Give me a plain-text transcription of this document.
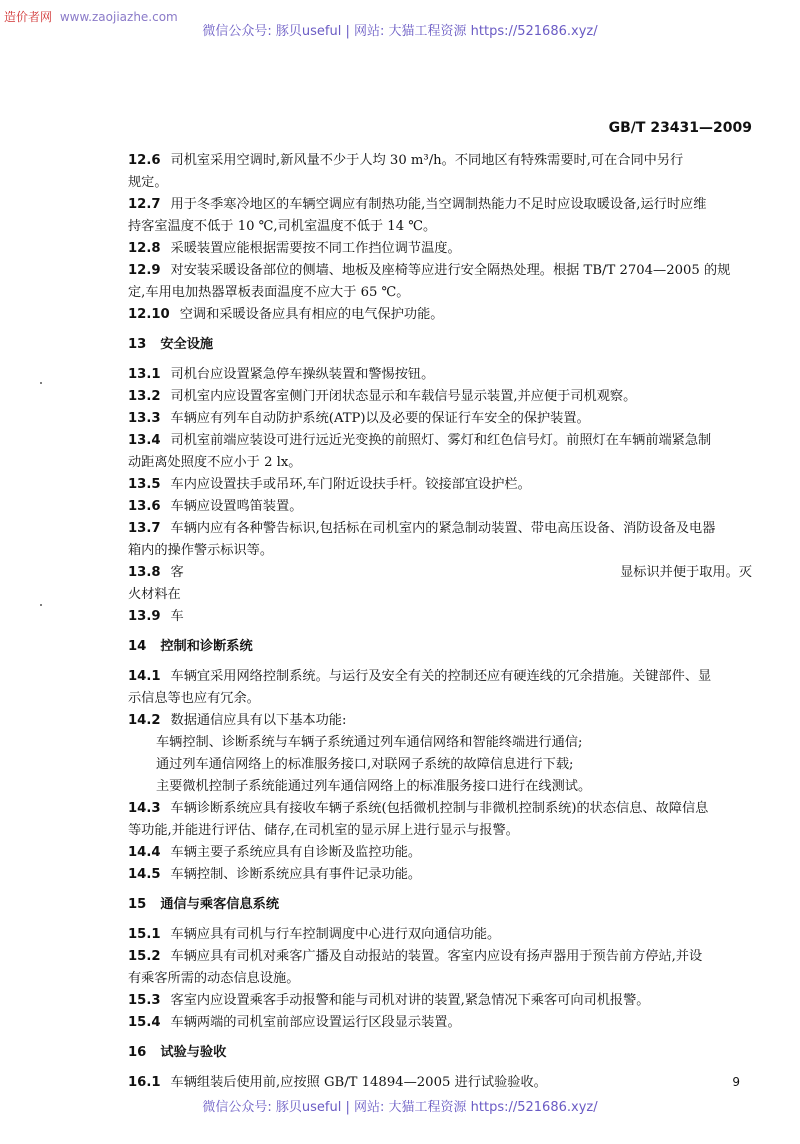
造价者网 www.zaojiazhe.com
微信公众号: 豚贝useful | 网站: 大猫工程资源 https://521686.xyz/
GB/T 23431—2009
12.6 司机室采用空调时,新风量不少于人均 30 m³/h。不同地区有特殊需要时,可在合同中另行
规定。
12.7 用于冬季寒冷地区的车辆空调应有制热功能,当空调制热能力不足时应设取暖设备,运行时应维
持客室温度不低于 10 ℃,司机室温度不低于 14 ℃。
12.8 采暖装置应能根据需要按不同工作挡位调节温度。
12.9 对安装采暖设备部位的侧墙、地板及座椅等应进行安全隔热处理。根据 TB/T 2704—2005 的规
定,车用电加热器罩板表面温度不应大于 65 ℃。
12.10 空调和采暖设备应具有相应的电气保护功能。
13 安全设施
13.1 司机台应设置紧急停车操纵装置和警惕按钮。
13.2 司机室内应设置客室侧门开闭状态显示和车载信号显示装置,并应便于司机观察。
13.3 车辆应有列车自动防护系统(ATP)以及必要的保证行车安全的保护装置。
13.4 司机室前端应装设可进行远近光变换的前照灯、雾灯和红色信号灯。前照灯在车辆前端紧急制
动距离处照度不应小于 2 lx。
13.5 车内应设置扶手或吊环,车门附近设扶手杆。铰接部宜设护栏。
13.6 车辆应设置鸣笛装置。
13.7 车辆内应有各种警告标识,包括标在司机室内的紧急制动装置、带电高压设备、消防设备及电器
箱内的操作警示标识等。
13.8 客	显标识并便于取用。灭
火材料在
13.9 车
14 控制和诊断系统
14.1 车辆宜采用网络控制系统。与运行及安全有关的控制还应有硬连线的冗余措施。关键部件、显
示信息等也应有冗余。
14.2 数据通信应具有以下基本功能:
车辆控制、诊断系统与车辆子系统通过列车通信网络和智能终端进行通信;
通过列车通信网络上的标准服务接口,对联网子系统的故障信息进行下载;
主要微机控制子系统能通过列车通信网络上的标准服务接口进行在线测试。
14.3 车辆诊断系统应具有接收车辆子系统(包括微机控制与非微机控制系统)的状态信息、故障信息
等功能,并能进行评估、储存,在司机室的显示屏上进行显示与报警。
14.4 车辆主要子系统应具有自诊断及监控功能。
14.5 车辆控制、诊断系统应具有事件记录功能。
15 通信与乘客信息系统
15.1 车辆应具有司机与行车控制调度中心进行双向通信功能。
15.2 车辆应具有司机对乘客广播及自动报站的装置。客室内应设有扬声器用于预告前方停站,并设
有乘客所需的动态信息设施。
15.3 客室内应设置乘客手动报警和能与司机对讲的装置,紧急情况下乘客可向司机报警。
15.4 车辆两端的司机室前部应设置运行区段显示装置。
16 试验与验收
16.1 车辆组装后使用前,应按照 GB/T 14894—2005 进行试验验收。	9
微信公众号: 豚贝useful | 网站: 大猫工程资源 https://521686.xyz/
